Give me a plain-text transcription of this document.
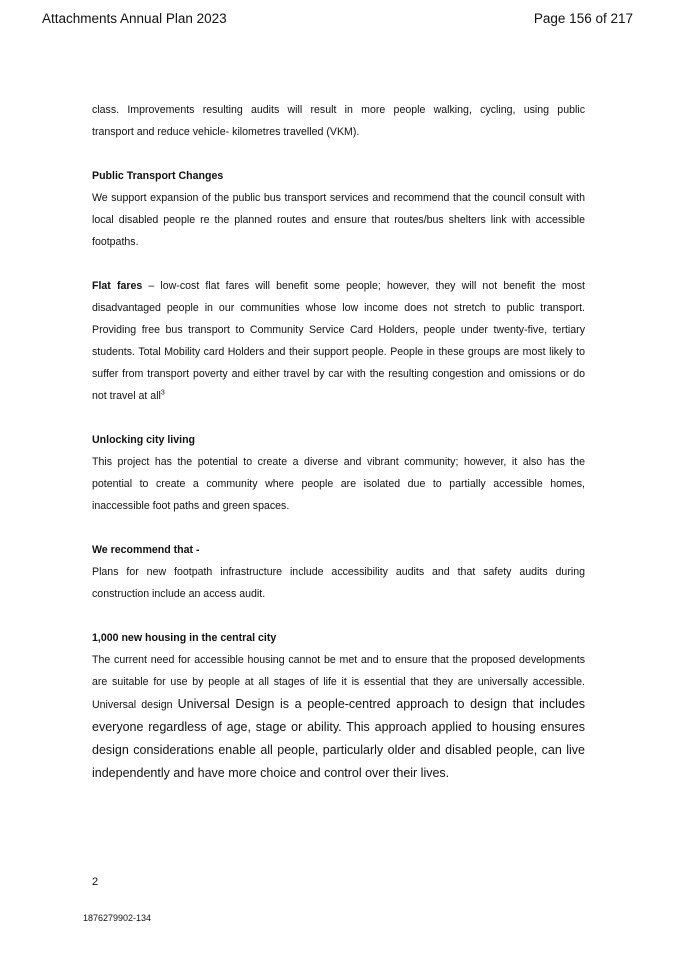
Attachments Annual Plan 2023	Page 156 of 217

class. Improvements resulting audits will result in more people walking, cycling, using public

transport and reduce vehicle- kilometres travelled (VKM).

Public Transport Changes

We support expansion of the public bus transport services and recommend that the council consult with local disabled people re the planned routes and ensure that routes/bus shelters link with accessible footpaths.

Flat fares – low-cost flat fares will benefit some people; however, they will not benefit the most disadvantaged people in our communities whose low income does not stretch to public transport. Providing free bus transport to Community Service Card Holders, people under twenty-five, tertiary students. Total Mobility card Holders and their support people. People in these groups are most likely to suffer from transport poverty and either travel by car with the resulting congestion and omissions or do not travel at all$^3$

Unlocking city living

This project has the potential to create a diverse and vibrant community; however, it also has the potential to create a community where people are isolated due to partially accessible homes, inaccessible foot paths and green spaces.

We recommend that -

Plans for new footpath infrastructure include accessibility audits and that safety audits during construction include an access audit.

1,000 new housing in the central city

The current need for accessible housing cannot be met and to ensure that the proposed developments are suitable for use by people at all stages of life it is essential that they are universally accessible. Universal design Universal Design is a people-centred approach to design that includes everyone regardless of age, stage or ability. This approach applied to housing ensures design considerations enable all people, particularly older and disabled people, can live independently and have more choice and control over their lives.

2
1876279902-134
